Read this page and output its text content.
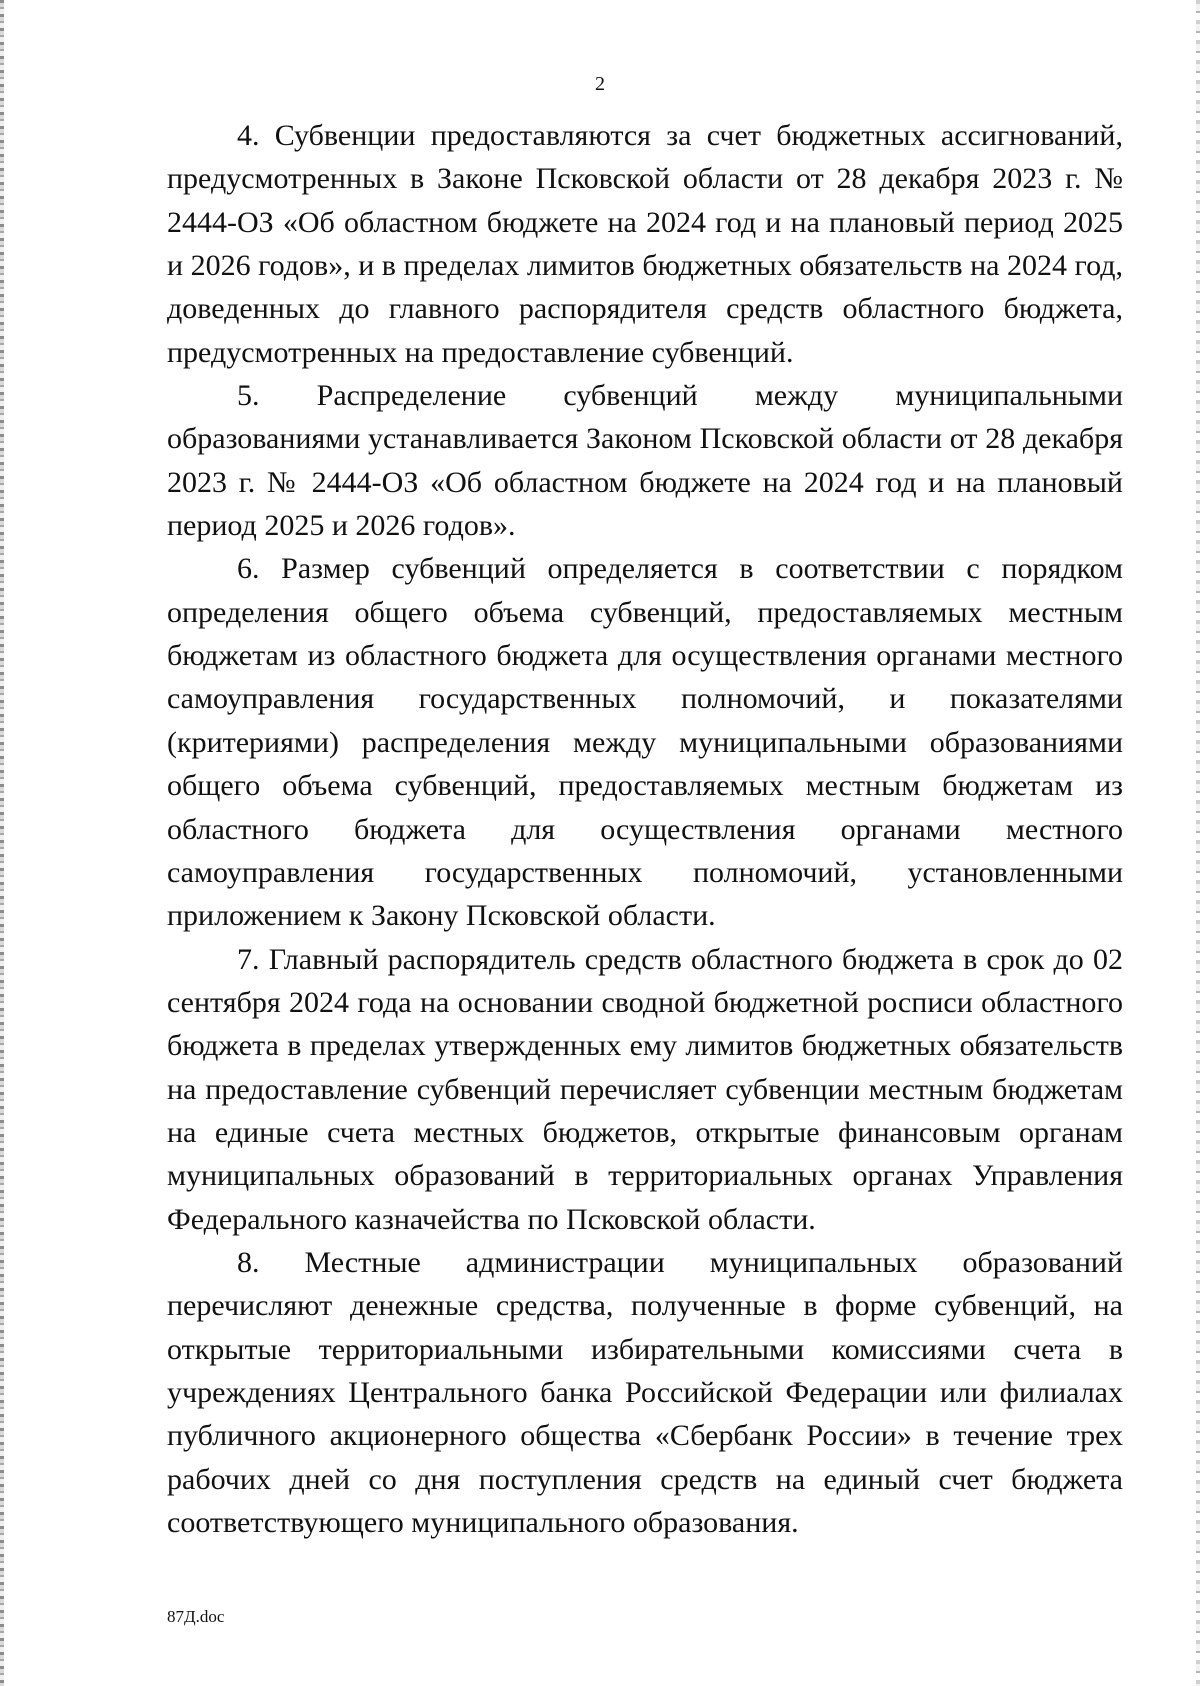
2

4. Субвенции предоставляются за счет бюджетных ассигнований, предусмотренных в Законе Псковской области от 28 декабря 2023 г. № 2444-ОЗ «Об областном бюджете на 2024 год и на плановый период 2025 и 2026 годов», и в пределах лимитов бюджетных обязательств на 2024 год, доведенных до главного распорядителя средств областного бюджета, предусмотренных на предоставление субвенций.

5. Распределение субвенций между муниципальными образованиями устанавливается Законом Псковской области от 28 декабря 2023 г. № 2444-ОЗ «Об областном бюджете на 2024 год и на плановый период 2025 и 2026 годов».

6. Размер субвенций определяется в соответствии с порядком определения общего объема субвенций, предоставляемых местным бюджетам из областного бюджета для осуществления органами местного самоуправления государственных полномочий, и показателями (критериями) распределения между муниципальными образованиями общего объема субвенций, предоставляемых местным бюджетам из областного бюджета для осуществления органами местного самоуправления государственных полномочий, установленными приложением к Закону Псковской области.

7. Главный распорядитель средств областного бюджета в срок до 02 сентября 2024 года на основании сводной бюджетной росписи областного бюджета в пределах утвержденных ему лимитов бюджетных обязательств на предоставление субвенций перечисляет субвенции местным бюджетам на единые счета местных бюджетов, открытые финансовым органам муниципальных образований в территориальных органах Управления Федерального казначейства по Псковской области.

8. Местные администрации муниципальных образований перечисляют денежные средства, полученные в форме субвенций, на открытые территориальными избирательными комиссиями счета в учреждениях Центрального банка Российской Федерации или филиалах публичного акционерного общества «Сбербанк России» в течение трех рабочих дней со дня поступления средств на единый счет бюджета соответствующего муниципального образования.

87Д.doc
